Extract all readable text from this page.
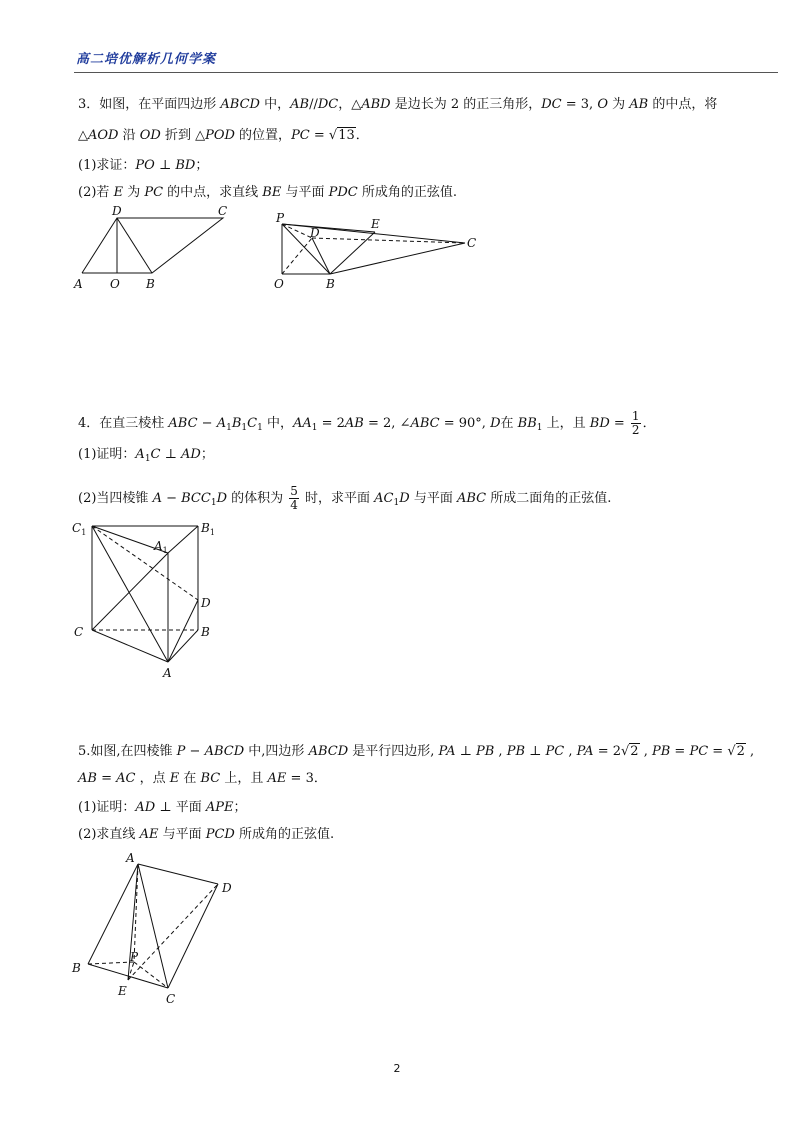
高二培优解析几何学案
3．如图，在平面四边形 ABCD 中，AB//DC，△ABD 是边长为 2 的正三角形，DC = 3, O 为 AB 的中点，将
△AOD 沿 OD 折到 △POD 的位置，PC = √13．
(1)求证：PO ⊥ BD；
(2)若 E 为 PC 的中点，求直线 BE 与平面 PDC 所成角的正弦值.
D	C
A O B
P
D
E
C
O	B
4．在直三棱柱 ABC − $A_1B_1C_1$ 中，$AA_1 = 2AB = 2$, ∠ABC = 90°, D在 $BB_1$ 上，且 BD = $\frac{1}{2}$ ．
(1)证明：$A_1C$ ⊥ AD；
(2)当四棱锥 $A - BCC_1D$ 的体积为 $\frac{5}{4}$ 时，求平面 $AC_1D$ 与平面 ABC 所成二面角的正弦值.
$C_1$	$B_1$
$A_1$
D
C	B
A
5.如图,在四棱锥 P − ABCD 中,四边形 ABCD 是平行四边形, PA ⊥ PB , PB ⊥ PC , PA = 2√2 , PB = PC = √2 ,
AB = AC ，点 E 在 BC 上，且 AE = 3．
(1)证明：AD ⊥ 平面 APE；
(2)求直线 AE 与平面 PCD 所成角的正弦值.
A
D
B
P
E
C
2
